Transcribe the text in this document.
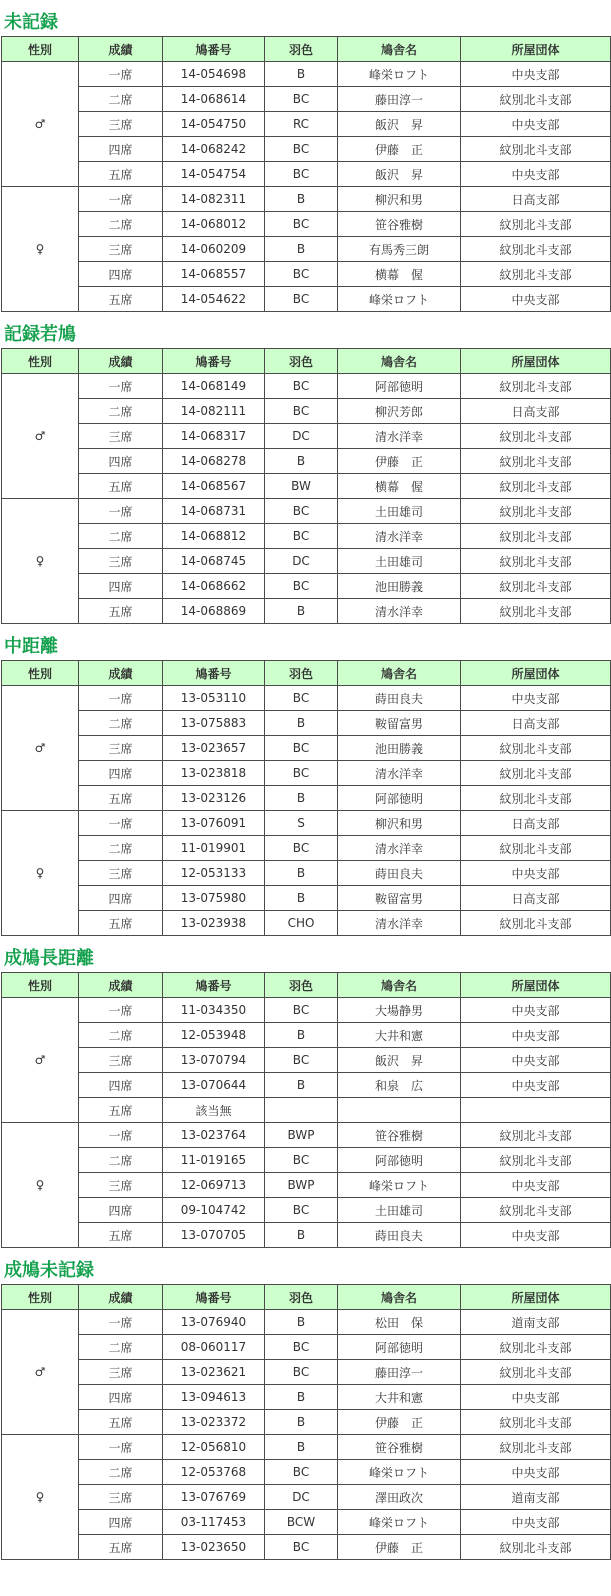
未記録
性別	成績	鳩番号	羽色	鳩舎名	所屋団体
♂	一席	14-054698	B	峰栄ロフト	中央支部
	二席	14-068614	BC	藤田淳一	紋別北斗支部
	三席	14-054750	RC	飯沢　昇	中央支部
	四席	14-068242	BC	伊藤　正	紋別北斗支部
	五席	14-054754	BC	飯沢　昇	中央支部
♀	一席	14-082311	B	柳沢和男	日高支部
	二席	14-068012	BC	笹谷雅樹	紋別北斗支部
	三席	14-060209	B	有馬秀三朗	紋別北斗支部
	四席	14-068557	BC	横幕　偓	紋別北斗支部
	五席	14-054622	BC	峰栄ロフト	中央支部
記録若鳩
性別	成績	鳩番号	羽色	鳩舎名	所屋団体
♂	一席	14-068149	BC	阿部徳明	紋別北斗支部
	二席	14-082111	BC	柳沢芳郎	日高支部
	三席	14-068317	DC	清水洋幸	紋別北斗支部
	四席	14-068278	B	伊藤　正	紋別北斗支部
	五席	14-068567	BW	横幕　偓	紋別北斗支部
♀	一席	14-068731	BC	土田雄司	紋別北斗支部
	二席	14-068812	BC	清水洋幸	紋別北斗支部
	三席	14-068745	DC	土田雄司	紋別北斗支部
	四席	14-068662	BC	池田勝義	紋別北斗支部
	五席	14-068869	B	清水洋幸	紋別北斗支部
中距離
性別	成績	鳩番号	羽色	鳩舎名	所屋団体
♂	一席	13-053110	BC	蒔田良夫	中央支部
	二席	13-075883	B	鞍留富男	日高支部
	三席	13-023657	BC	池田勝義	紋別北斗支部
	四席	13-023818	BC	清水洋幸	紋別北斗支部
	五席	13-023126	B	阿部徳明	紋別北斗支部
♀	一席	13-076091	S	柳沢和男	日高支部
	二席	11-019901	BC	清水洋幸	紋別北斗支部
	三席	12-053133	B	蒔田良夫	中央支部
	四席	13-075980	B	鞍留富男	日高支部
	五席	13-023938	CHO	清水洋幸	紋別北斗支部
成鳩長距離
性別	成績	鳩番号	羽色	鳩舎名	所屋団体
♂	一席	11-034350	BC	大場静男	中央支部
	二席	12-053948	B	大井和憲	中央支部
	三席	13-070794	BC	飯沢　昇	中央支部
	四席	13-070644	B	和泉　広	中央支部
	五席	該当無			
♀	一席	13-023764	BWP	笹谷雅樹	紋別北斗支部
	二席	11-019165	BC	阿部徳明	紋別北斗支部
	三席	12-069713	BWP	峰栄ロフト	中央支部
	四席	09-104742	BC	土田雄司	紋別北斗支部
	五席	13-070705	B	蒔田良夫	中央支部
成鳩未記録
性別	成績	鳩番号	羽色	鳩舎名	所屋団体
♂	一席	13-076940	B	松田　保	道南支部
	二席	08-060117	BC	阿部徳明	紋別北斗支部
	三席	13-023621	BC	藤田淳一	紋別北斗支部
	四席	13-094613	B	大井和憲	中央支部
	五席	13-023372	B	伊藤　正	紋別北斗支部
♀	一席	12-056810	B	笹谷雅樹	紋別北斗支部
	二席	12-053768	BC	峰栄ロフト	中央支部
	三席	13-076769	DC	澤田政次	道南支部
	四席	03-117453	BCW	峰栄ロフト	中央支部
	五席	13-023650	BC	伊藤　正	紋別北斗支部
